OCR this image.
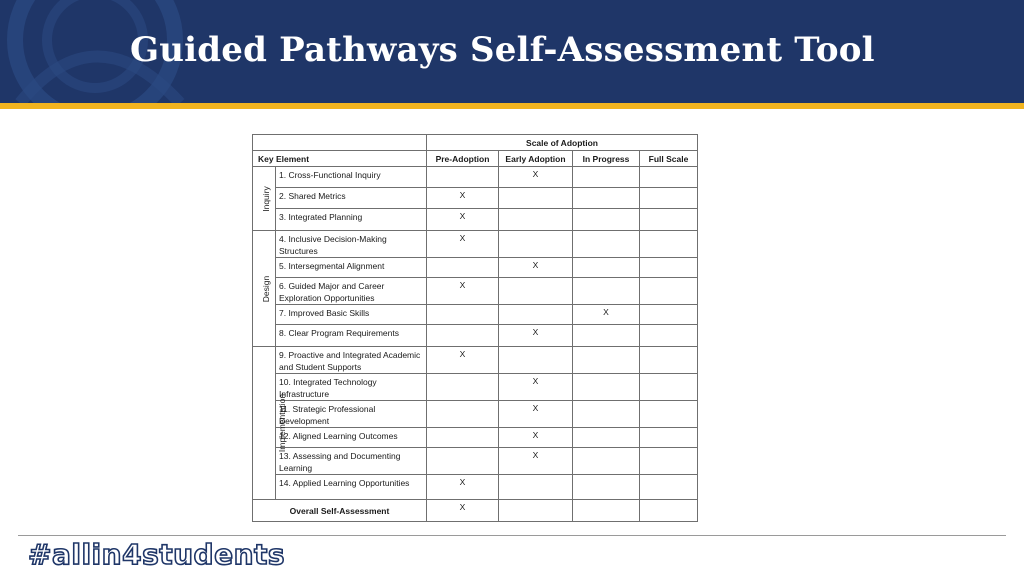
Guided Pathways Self-Assessment Tool
		Scale of Adoption			
Key Element		Pre-Adoption	Early Adoption	In Progress	Full Scale
Inquiry	1. Cross-Functional Inquiry		X		
	2. Shared Metrics	X			
	3. Integrated Planning	X			
Design	4. Inclusive Decision-Making Structures	X			
	5. Intersegmental Alignment		X		
	6. Guided Major and Career Exploration Opportunities	X			
	7. Improved Basic Skills			X	
	8. Clear Program Requirements		X		
Implementation	9. Proactive and Integrated Academic and Student Supports	X			
	10. Integrated Technology Infrastructure		X		
	11. Strategic Professional Development		X		
	12. Aligned Learning Outcomes		X		
	13. Assessing and Documenting Learning		X		
	14. Applied Learning Opportunities	X			
Overall Self-Assessment		X			
#allin4students
